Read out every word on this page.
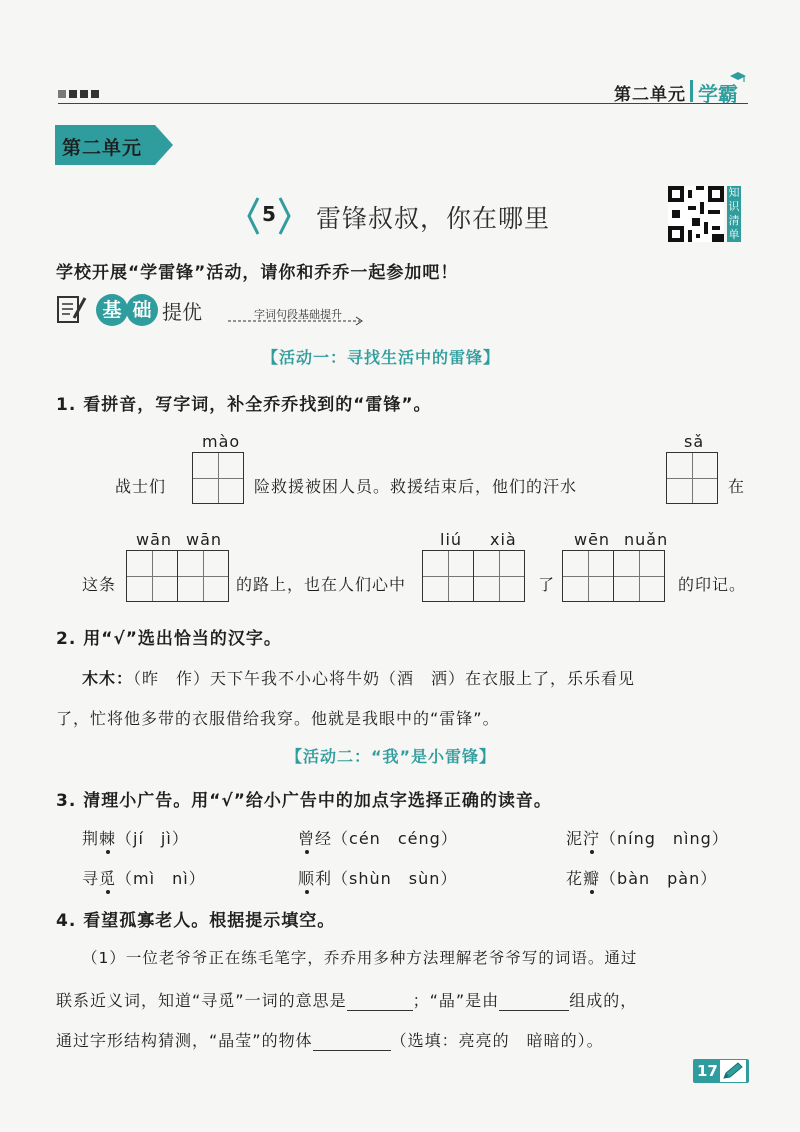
第二单元 学霸
第二单元
5	雷锋叔叔，你在哪里
知识清单
学校开展“学雷锋”活动，请你和乔乔一起参加吧！
基 础 提优	字词句段基础提升
【活动一：寻找生活中的雷锋】
1. 看拼音，写字词，补全乔乔找到的“雷锋”。
mào	sǎ
战士们	险救援被困人员。救援结束后，他们的汗水	在
wān wān	liú xià	wēn nuǎn
这条	的路上，也在人们心中	了	的印记。
2. 用“√”选出恰当的汉字。
木木：（昨　作）天下午我不小心将牛奶（酒　洒）在衣服上了，乐乐看见
了，忙将他多带的衣服借给我穿。他就是我眼中的“雷锋”。
【活动二：“我”是小雷锋】
3. 清理小广告。用“√”给小广告中的加点字选择正确的读音。
荆棘（jí　jì）	曾经（cén　céng）	泥泞（níng　nìng）
寻觅（mì　nì）	顺利（shùn　sùn）	花瓣（bàn　pàn）
4. 看望孤寡老人。根据提示填空。
（1）一位老爷爷正在练毛笔字，乔乔用多种方法理解老爷爷写的词语。通过
联系近义词，知道“寻觅”一词的意思是	；“晶”是由	组成的，
通过字形结构猜测，“晶莹”的物体	（选填：亮亮的　暗暗的）。
17
